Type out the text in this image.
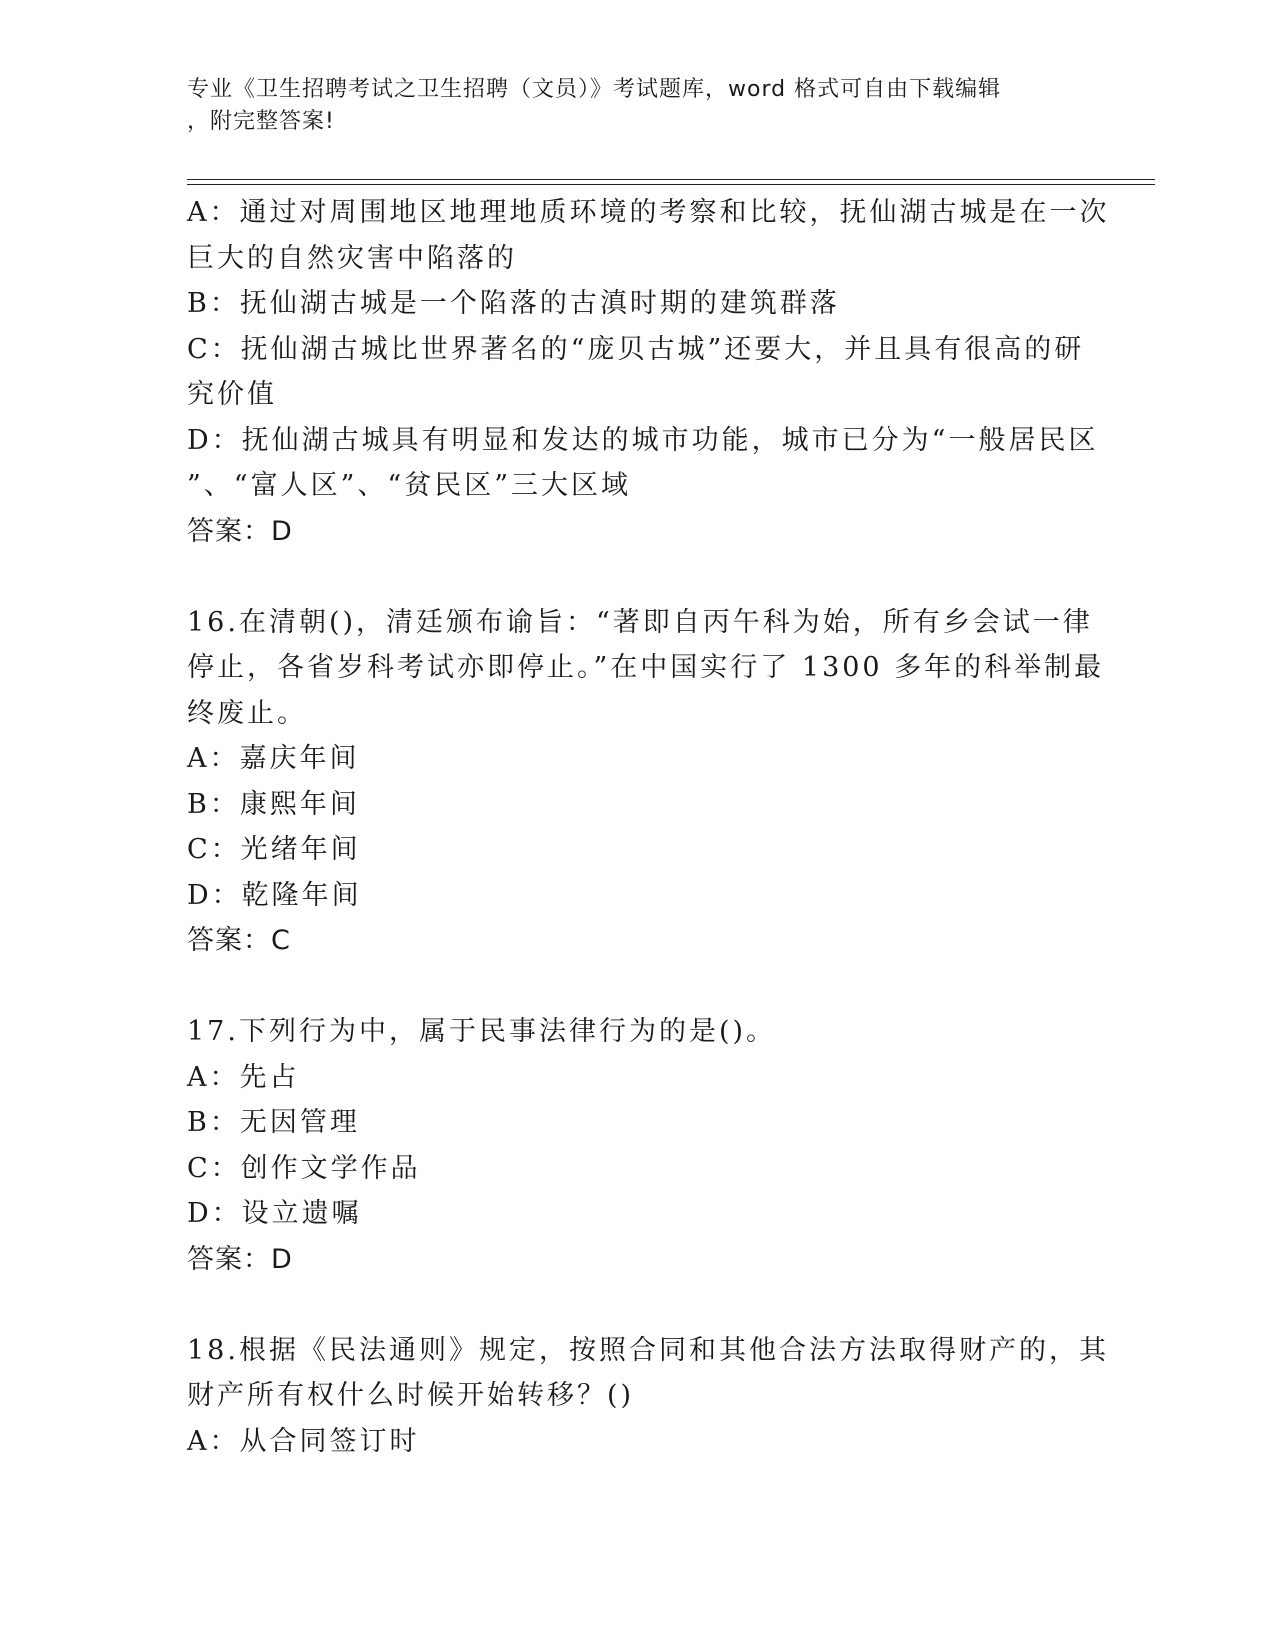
专业《卫生招聘考试之卫生招聘（文员）》考试题库，word 格式可自由下载编辑
，附完整答案!
A：通过对周围地区地理地质环境的考察和比较，抚仙湖古城是在一次
巨大的自然灾害中陷落的
B：抚仙湖古城是一个陷落的古滇时期的建筑群落
C：抚仙湖古城比世界著名的“庞贝古城”还要大，并且具有很高的研
究价值
D：抚仙湖古城具有明显和发达的城市功能，城市已分为“一般居民区
”、“富人区”、“贫民区”三大区域
答案：D
16.在清朝()，清廷颁布谕旨：“著即自丙午科为始，所有乡会试一律
停止，各省岁科考试亦即停止。”在中国实行了 1300 多年的科举制最
终废止。
A：嘉庆年间
B：康熙年间
C：光绪年间
D：乾隆年间
答案：C
17.下列行为中，属于民事法律行为的是()。
A：先占
B：无因管理
C：创作文学作品
D：设立遗嘱
答案：D
18.根据《民法通则》规定，按照合同和其他合法方法取得财产的，其
财产所有权什么时候开始转移？()
A：从合同签订时
